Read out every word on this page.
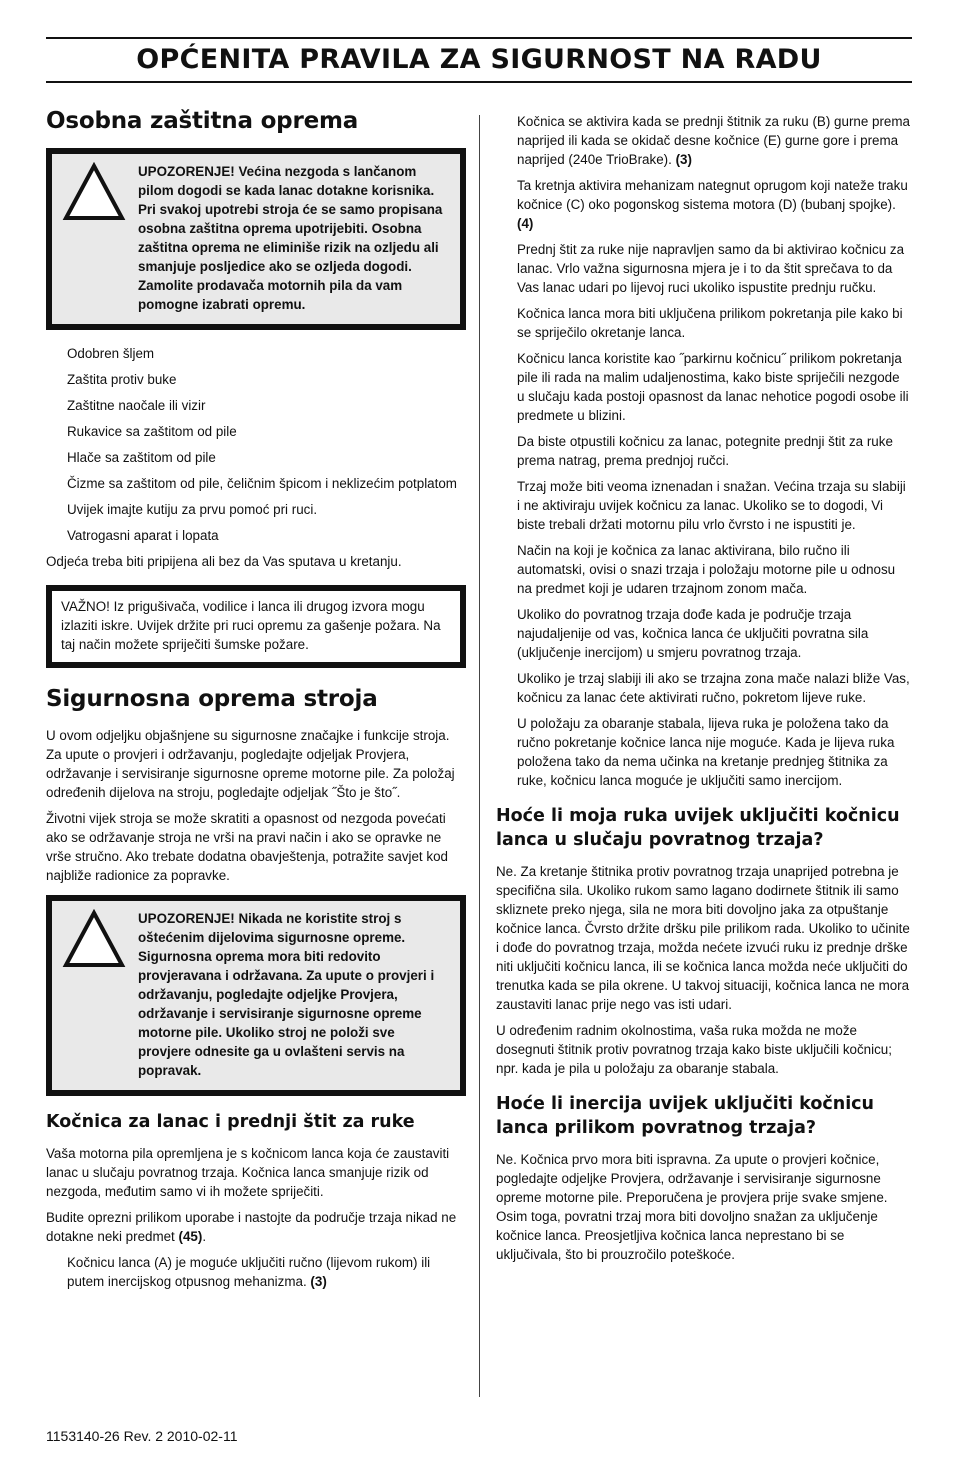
OPĆENITA PRAVILA ZA SIGURNOST NA RADU
Osobna zaštitna oprema

UPOZORENJE! Većina nezgoda s lančanom pilom dogodi se kada lanac dotakne korisnika. Pri svakoj upotrebi stroja će se samo propisana osobna zaštitna oprema upotrijebiti. Osobna zaštitna oprema ne eliminiše rizik na ozljedu ali smanjuje posljedice ako se ozljeda dogodi. Zamolite prodavača motornih pila da vam pomogne izabrati opremu.

Odobren šljem
Zaštita protiv buke
Zaštitne naočale ili vizir
Rukavice sa zaštitom od pile
Hlače sa zaštitom od pile
Čizme sa zaštitom od pile, čeličnim špicom i neklizećim potplatom
Uvijek imajte kutiju za prvu pomoć pri ruci.
Vatrogasni aparat i lopata

Odjeća treba biti pripijena ali bez da Vas sputava u kretanju.

VAŽNO! Iz prigušivača, vodilice i lanca ili drugog izvora mogu izlaziti iskre. Uvijek držite pri ruci opremu za gašenje požara. Na taj način možete spriječiti šumske požare.

Sigurnosna oprema stroja

U ovom odjeljku objašnjene su sigurnosne značajke i funkcije stroja. Za upute o provjeri i održavanju, pogledajte odjeljak Provjera, održavanje i servisiranje sigurnosne opreme motorne pile. Za položaj određenih dijelova na stroju, pogledajte odjeljak ˝Što je što˝.

Životni vijek stroja se može skratiti a opasnost od nezgoda povećati ako se održavanje stroja ne vrši na pravi način i ako se opravke ne vrše stručno. Ako trebate dodatna obavještenja, potražite savjet kod najbliže radionice za popravke.

UPOZORENJE! Nikada ne koristite stroj s oštećenim dijelovima sigurnosne opreme. Sigurnosna oprema mora biti redovito provjeravana i održavana. Za upute o provjeri i održavanju, pogledajte odjeljke Provjera, održavanje i servisiranje sigurnosne opreme motorne pile. Ukoliko stroj ne položi sve provjere odnesite ga u ovlašteni servis na popravak.

Kočnica za lanac i prednji štit za ruke

Vaša motorna pila opremljena je s kočnicom lanca koja će zaustaviti lanac u slučaju povratnog trzaja. Kočnica lanca smanjuje rizik od nezgoda, međutim samo vi ih možete spriječiti.

Budite oprezni prilikom uporabe i nastojte da područje trzaja nikad ne dotakne neki predmet (45).

Kočnicu lanca (A) je moguće uključiti ručno (lijevom rukom) ili putem inercijskog otpusnog mehanizma. (3)

Kočnica se aktivira kada se prednji štitnik za ruku (B) gurne prema naprijed ili kada se okidač desne kočnice (E) gurne gore i prema naprijed (240e TrioBrake). (3)

Ta kretnja aktivira mehanizam nategnut oprugom koji nateže traku kočnice (C) oko pogonskog sistema motora (D) (bubanj spojke). (4)

Prednj štit za ruke nije napravljen samo da bi aktivirao kočnicu za lanac. Vrlo važna sigurnosna mjera je i to da štit sprečava to da Vas lanac udari po lijevoj ruci ukoliko ispustite prednju ručku.

Kočnica lanca mora biti uključena prilikom pokretanja pile kako bi se spriječilo okretanje lanca.

Kočnicu lanca koristite kao ˝parkirnu kočnicu˝ prilikom pokretanja pile ili rada na malim udaljenostima, kako biste spriječili nezgode u slučaju kada postoji opasnost da lanac nehotice pogodi osobe ili predmete u blizini.

Da biste otpustili kočnicu za lanac, potegnite prednji štit za ruke prema natrag, prema prednjoj ručci.

Trzaj može biti veoma iznenadan i snažan. Većina trzaja su slabiji i ne aktiviraju uvijek kočnicu za lanac. Ukoliko se to dogodi, Vi biste trebali držati motornu pilu vrlo čvrsto i ne ispustiti je.

Način na koji je kočnica za lanac aktivirana, bilo ručno ili automatski, ovisi o snazi trzaja i položaju motorne pile u odnosu na predmet koji je udaren trzajnom zonom mača.

Ukoliko do povratnog trzaja dođe kada je područje trzaja najudaljenije od vas, kočnica lanca će uključiti povratna sila (uključenje inercijom) u smjeru povratnog trzaja.

Ukoliko je trzaj slabiji ili ako se trzajna zona mače nalazi bliže Vas, kočnicu za lanac ćete aktivirati ručno, pokretom lijeve ruke.

U položaju za obaranje stabala, lijeva ruka je položena tako da ručno pokretanje kočnice lanca nije moguće. Kada je lijeva ruka položena tako da nema učinka na kretanje prednjeg štitnika za ruke, kočnicu lanca moguće je uključiti samo inercijom.

Hoće li moja ruka uvijek uključiti kočnicu lanca u slučaju povratnog trzaja?

Ne. Za kretanje štitnika protiv povratnog trzaja unaprijed potrebna je specifična sila. Ukoliko rukom samo lagano dodirnete štitnik ili samo skliznete preko njega, sila ne mora biti dovoljno jaka za otpuštanje kočnice lanca. Čvrsto držite dršku pile prilikom rada. Ukoliko to učinite i dođe do povratnog trzaja, možda nećete izvući ruku iz prednje drške niti uključiti kočnicu lanca, ili se kočnica lanca možda neće uključiti do trenutka kada se pila okrene. U takvoj situaciji, kočnica lanca ne mora zaustaviti lanac prije nego vas isti udari.

U određenim radnim okolnostima, vaša ruka možda ne može dosegnuti štitnik protiv povratnog trzaja kako biste uključili kočnicu; npr. kada je pila u položaju za obaranje stabala.

Hoće li inercija uvijek uključiti kočnicu lanca prilikom povratnog trzaja?

Ne. Kočnica prvo mora biti ispravna. Za upute o provjeri kočnice, pogledajte odjeljke Provjera, održavanje i servisiranje sigurnosne opreme motorne pile. Preporučena je provjera prije svake smjene. Osim toga, povratni trzaj mora biti dovoljno snažan za uključenje kočnice lanca. Preosjetljiva kočnica lanca neprestano bi se uključivala, što bi prouzročilo poteškoće.

1153140-26 Rev. 2 2010-02-11
